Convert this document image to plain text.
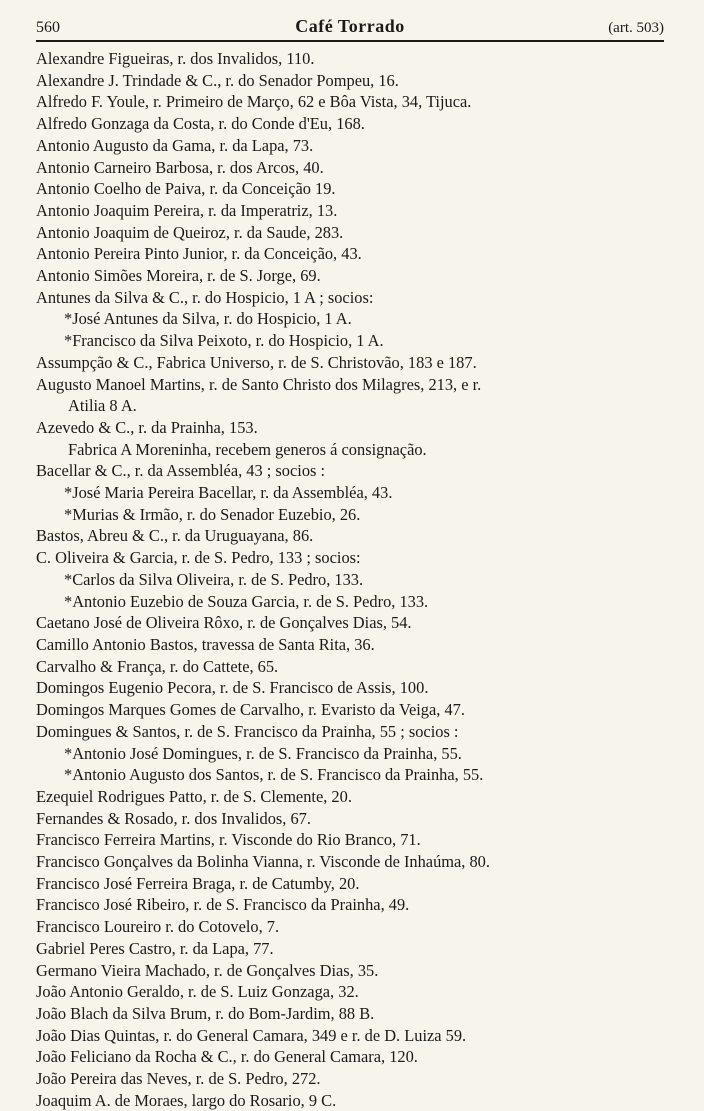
560	Café Torrado	(art. 503)
Alexandre Figueiras, r. dos Invalidos, 110.
Alexandre J. Trindade & C., r. do Senador Pompeu, 16.
Alfredo F. Youle, r. Primeiro de Março, 62 e Bôa Vista, 34, Tijuca.
Alfredo Gonzaga da Costa, r. do Conde d'Eu, 168.
Antonio Augusto da Gama, r. da Lapa, 73.
Antonio Carneiro Barbosa, r. dos Arcos, 40.
Antonio Coelho de Paiva, r. da Conceição 19.
Antonio Joaquim Pereira, r. da Imperatriz, 13.
Antonio Joaquim de Queiroz, r. da Saude, 283.
Antonio Pereira Pinto Junior, r. da Conceição, 43.
Antonio Simões Moreira, r. de S. Jorge, 69.
Antunes da Silva & C., r. do Hospicio, 1 A ; socios:
*José Antunes da Silva, r. do Hospicio, 1 A.
*Francisco da Silva Peixoto, r. do Hospicio, 1 A.
Assumpção & C., Fabrica Universo, r. de S. Christovão, 183 e 187.
Augusto Manoel Martins, r. de Santo Christo dos Milagres, 213, e r.
Atilia 8 A.
Azevedo & C., r. da Prainha, 153.
Fabrica A Moreninha, recebem generos á consignação.
Bacellar & C., r. da Assembléa, 43 ; socios :
*José Maria Pereira Bacellar, r. da Assembléa, 43.
*Murias & Irmão, r. do Senador Euzebio, 26.
Bastos, Abreu & C., r. da Uruguayana, 86.
C. Oliveira & Garcia, r. de S. Pedro, 133 ; socios:
*Carlos da Silva Oliveira, r. de S. Pedro, 133.
*Antonio Euzebio de Souza Garcia, r. de S. Pedro, 133.
Caetano José de Oliveira Rôxo, r. de Gonçalves Dias, 54.
Camillo Antonio Bastos, travessa de Santa Rita, 36.
Carvalho & França, r. do Cattete, 65.
Domingos Eugenio Pecora, r. de S. Francisco de Assis, 100.
Domingos Marques Gomes de Carvalho, r. Evaristo da Veiga, 47.
Domingues & Santos, r. de S. Francisco da Prainha, 55 ; socios :
*Antonio José Domingues, r. de S. Francisco da Prainha, 55.
*Antonio Augusto dos Santos, r. de S. Francisco da Prainha, 55.
Ezequiel Rodrigues Patto, r. de S. Clemente, 20.
Fernandes & Rosado, r. dos Invalidos, 67.
Francisco Ferreira Martins, r. Visconde do Rio Branco, 71.
Francisco Gonçalves da Bolinha Vianna, r. Visconde de Inhaúma, 80.
Francisco José Ferreira Braga, r. de Catumby, 20.
Francisco José Ribeiro, r. de S. Francisco da Prainha, 49.
Francisco Loureiro r. do Cotovelo, 7.
Gabriel Peres Castro, r. da Lapa, 77.
Germano Vieira Machado, r. de Gonçalves Dias, 35.
João Antonio Geraldo, r. de S. Luiz Gonzaga, 32.
João Blach da Silva Brum, r. do Bom-Jardim, 88 B.
João Dias Quintas, r. do General Camara, 349 e r. de D. Luiza 59.
João Feliciano da Rocha & C., r. do General Camara, 120.
João Pereira das Neves, r. de S. Pedro, 272.
Joaquim A. de Moraes, largo do Rosario, 9 C.
